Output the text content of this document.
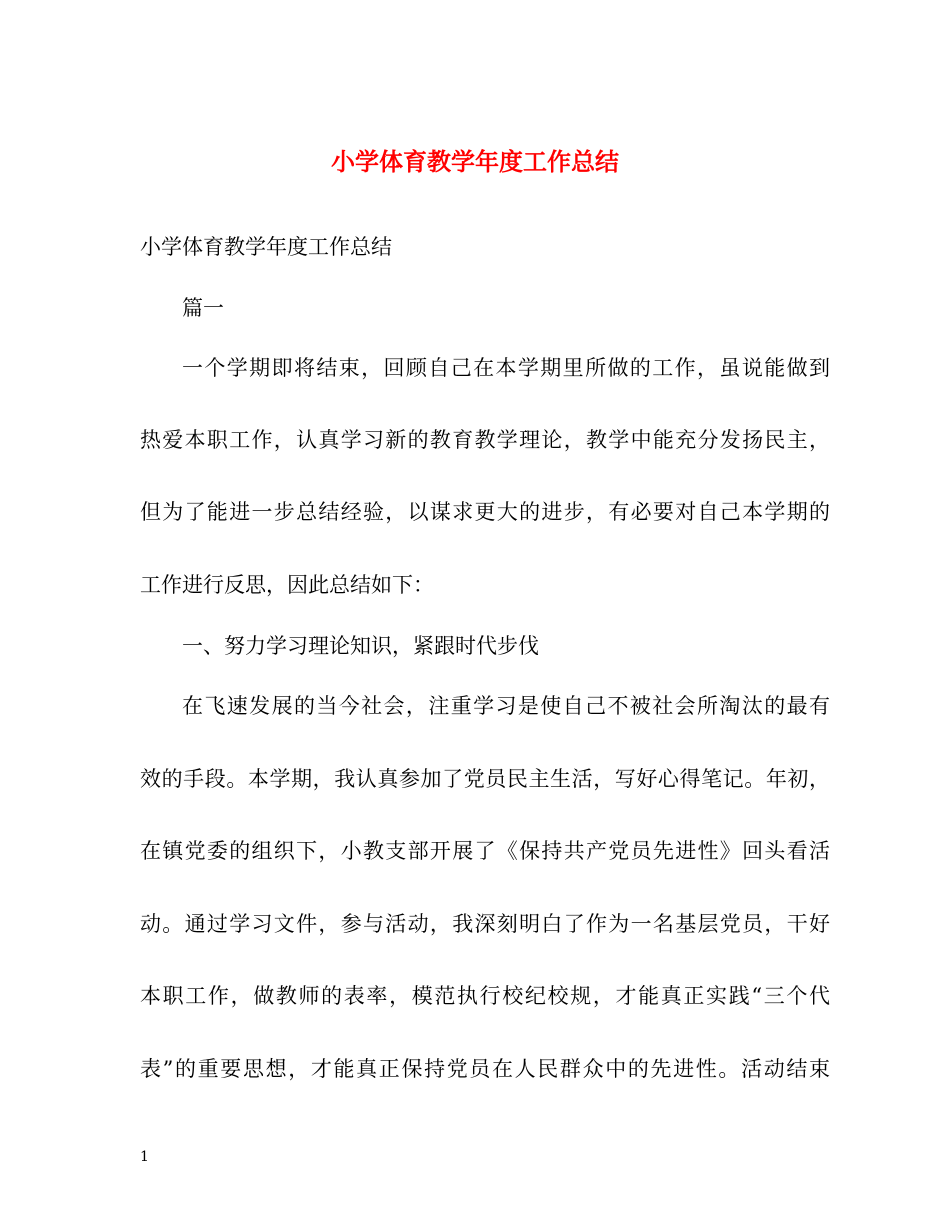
小学体育教学年度工作总结
小学体育教学年度工作总结
篇一
一个学期即将结束，回顾自己在本学期里所做的工作，虽说能做到
热爱本职工作，认真学习新的教育教学理论，教学中能充分发扬民主，
但为了能进一步总结经验，以谋求更大的进步，有必要对自己本学期的
工作进行反思，因此总结如下：
一、努力学习理论知识，紧跟时代步伐
在飞速发展的当今社会，注重学习是使自己不被社会所淘汰的最有
效的手段。本学期，我认真参加了党员民主生活，写好心得笔记。年初，
在镇党委的组织下，小教支部开展了《保持共产党员先进性》回头看活
动。通过学习文件，参与活动，我深刻明白了作为一名基层党员，干好
本职工作，做教师的表率，模范执行校纪校规，才能真正实践“三个代
表”的重要思想，才能真正保持党员在人民群众中的先进性。活动结束
1
